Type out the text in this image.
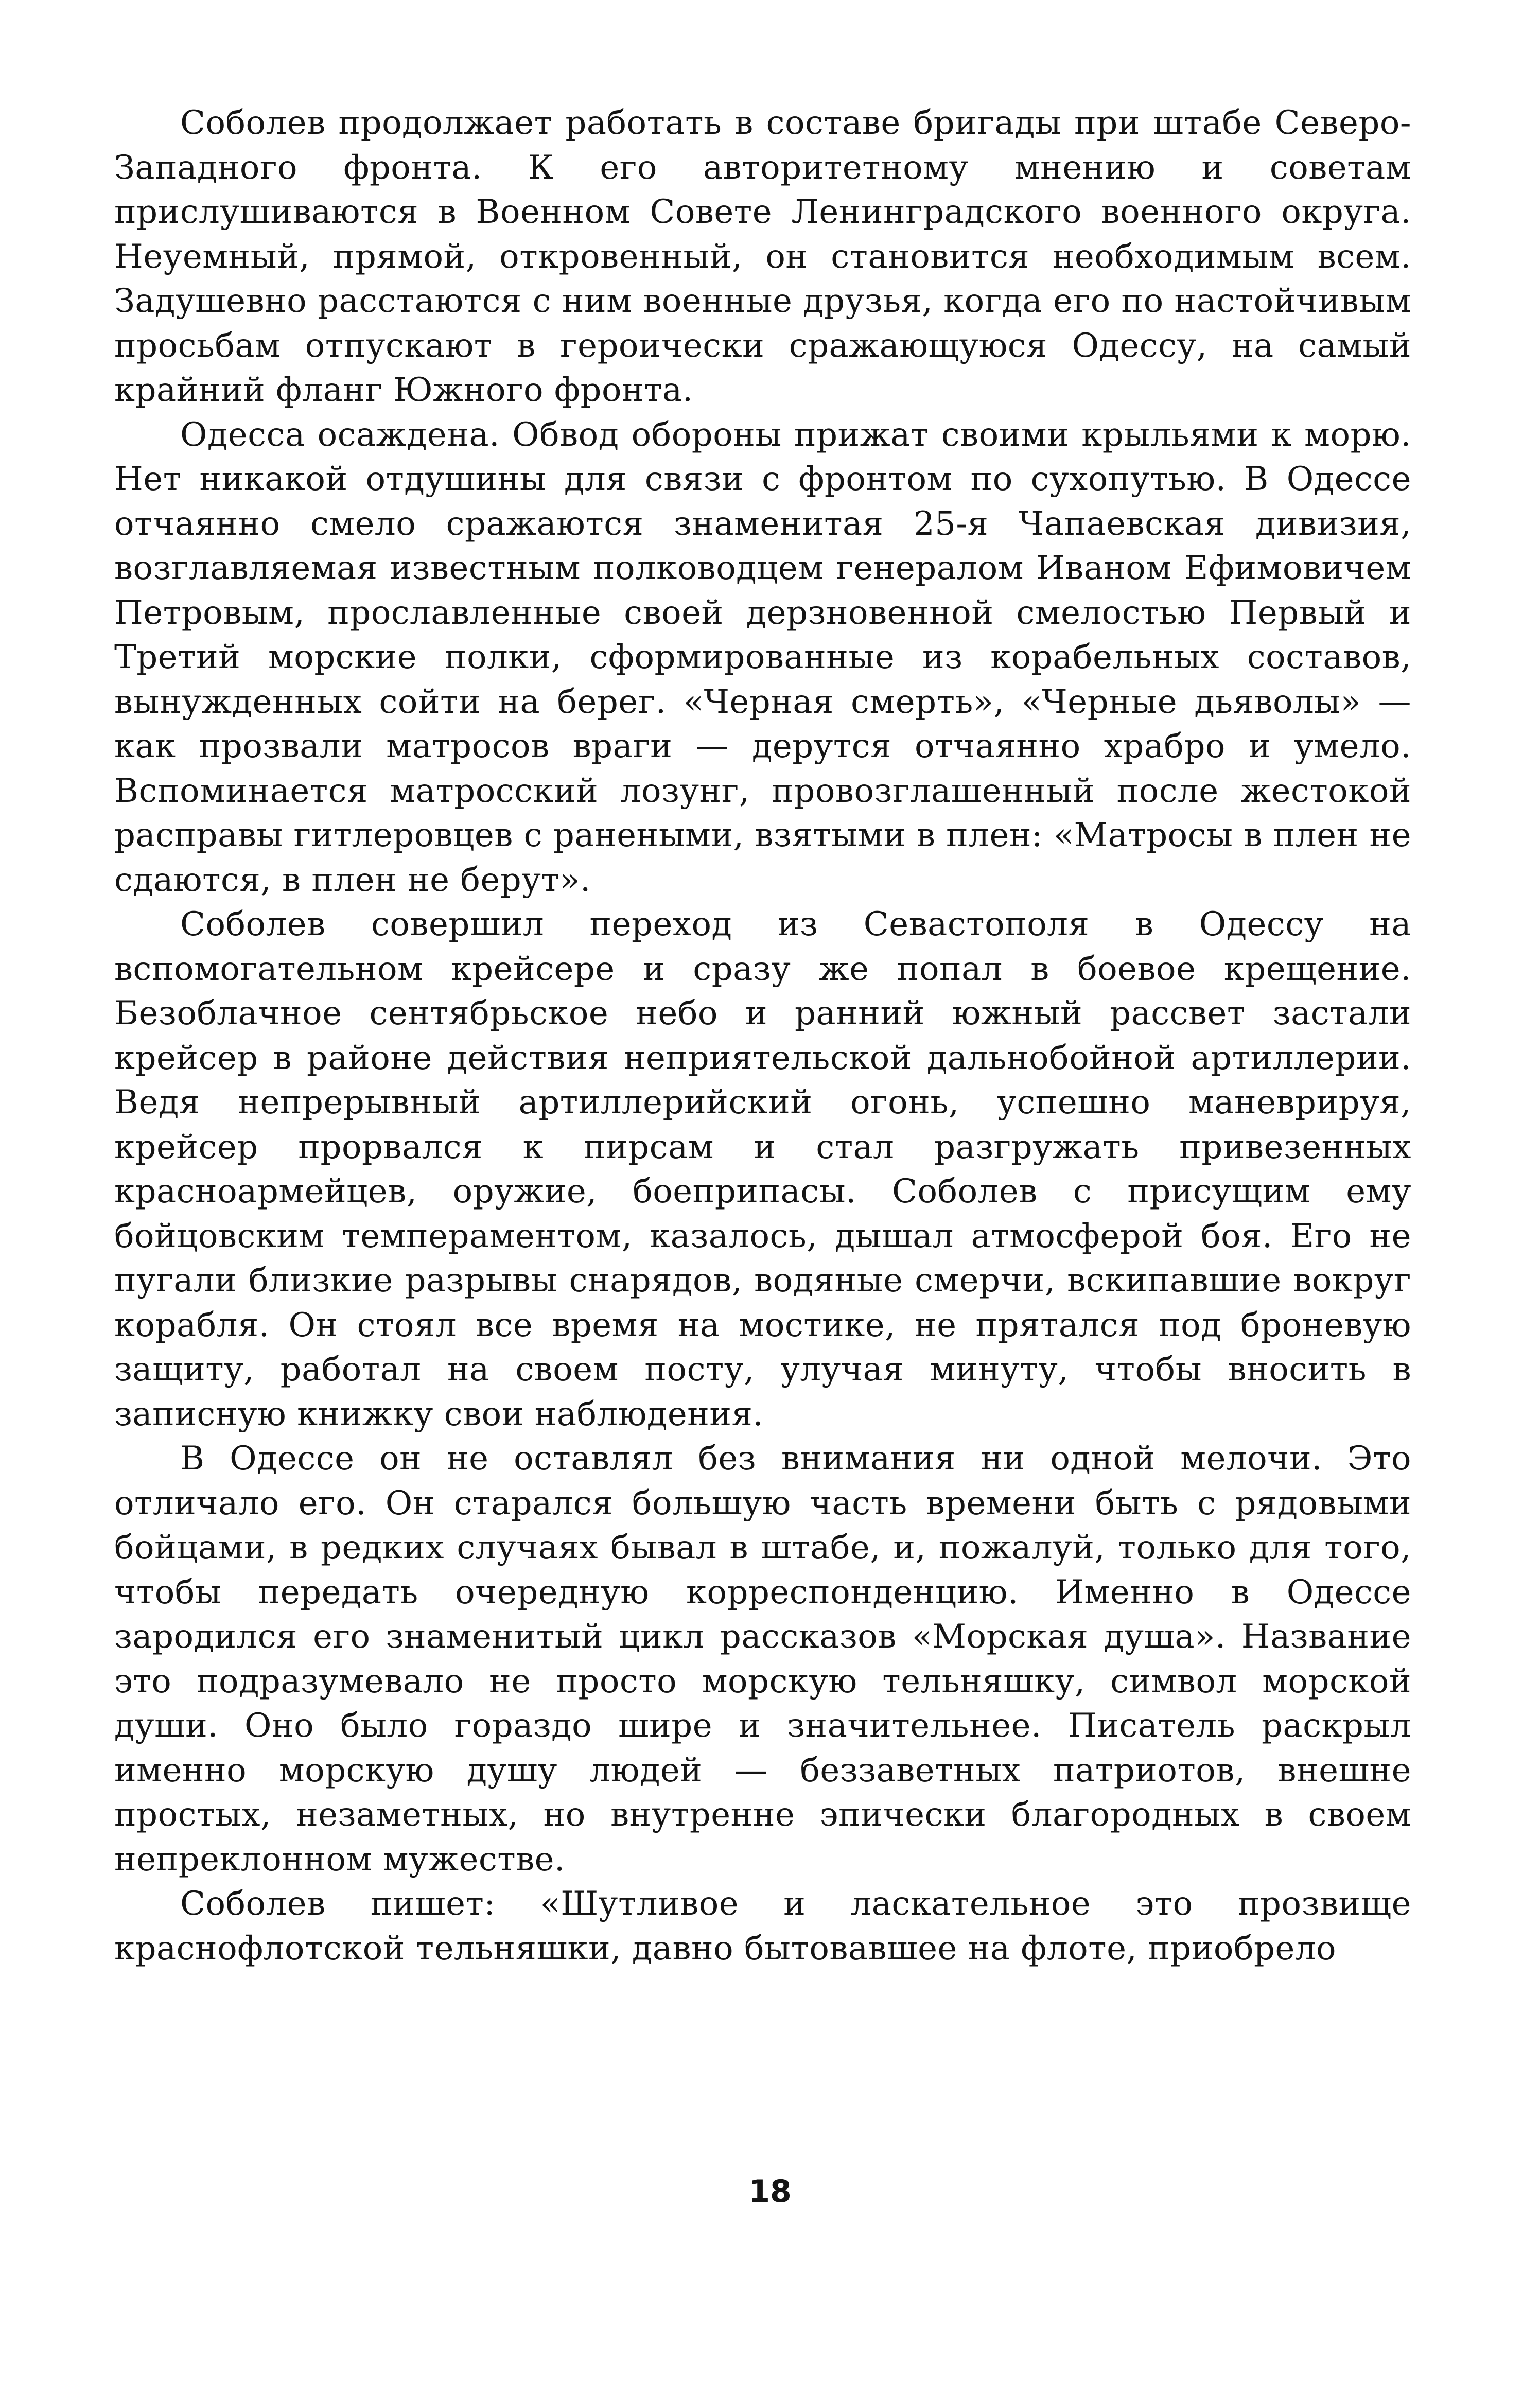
Соболев продолжает работать в составе бригады при штабе Северо-Западного фронта. К его авторитетному мнению и советам прислушиваются в Военном Совете Ленинградского военного округа. Неуемный, прямой, откровенный, он становится необходимым всем. Задушевно расстаются с ним военные друзья, когда его по настойчивым просьбам отпускают в героически сражающуюся Одессу, на самый крайний фланг Южного фронта.

Одесса осаждена. Обвод обороны прижат своими крыльями к морю. Нет никакой отдушины для связи с фронтом по сухопутью. В Одессе отчаянно смело сражаются знаменитая 25-я Чапаевская дивизия, возглавляемая известным полководцем генералом Иваном Ефимовичем Петровым, прославленные своей дерзновенной смелостью Первый и Третий морские полки, сформированные из корабельных составов, вынужденных сойти на берег. «Черная смерть», «Черные дьяволы» — как прозвали матросов враги — дерутся отчаянно храбро и умело. Вспоминается матросский лозунг, провозглашенный после жестокой расправы гитлеровцев с ранеными, взятыми в плен: «Матросы в плен не сдаются, в плен не берут».

Соболев совершил переход из Севастополя в Одессу на вспомогательном крейсере и сразу же попал в боевое крещение. Безоблачное сентябрьское небо и ранний южный рассвет застали крейсер в районе действия неприятельской дальнобойной артиллерии. Ведя непрерывный артиллерийский огонь, успешно маневрируя, крейсер прорвался к пирсам и стал разгружать привезенных красноармейцев, оружие, боеприпасы. Соболев с присущим ему бойцовским темпераментом, казалось, дышал атмосферой боя. Его не пугали близкие разрывы снарядов, водяные смерчи, вскипавшие вокруг корабля. Он стоял все время на мостике, не прятался под броневую защиту, работал на своем посту, улучая минуту, чтобы вносить в записную книжку свои наблюдения.

В Одессе он не оставлял без внимания ни одной мелочи. Это отличало его. Он старался большую часть времени быть с рядовыми бойцами, в редких случаях бывал в штабе, и, пожалуй, только для того, чтобы передать очередную корреспонденцию. Именно в Одессе зародился его знаменитый цикл рассказов «Морская душа». Название это подразумевало не просто морскую тельняшку, символ морской души. Оно было гораздо шире и значительнее. Писатель раскрыл именно морскую душу людей — беззаветных патриотов, внешне простых, незаметных, но внутренне эпически благородных в своем непреклонном мужестве.

Соболев пишет: «Шутливое и ласкательное это прозвище краснофлотской тельняшки, давно бытовавшее на флоте, приобрело

18
